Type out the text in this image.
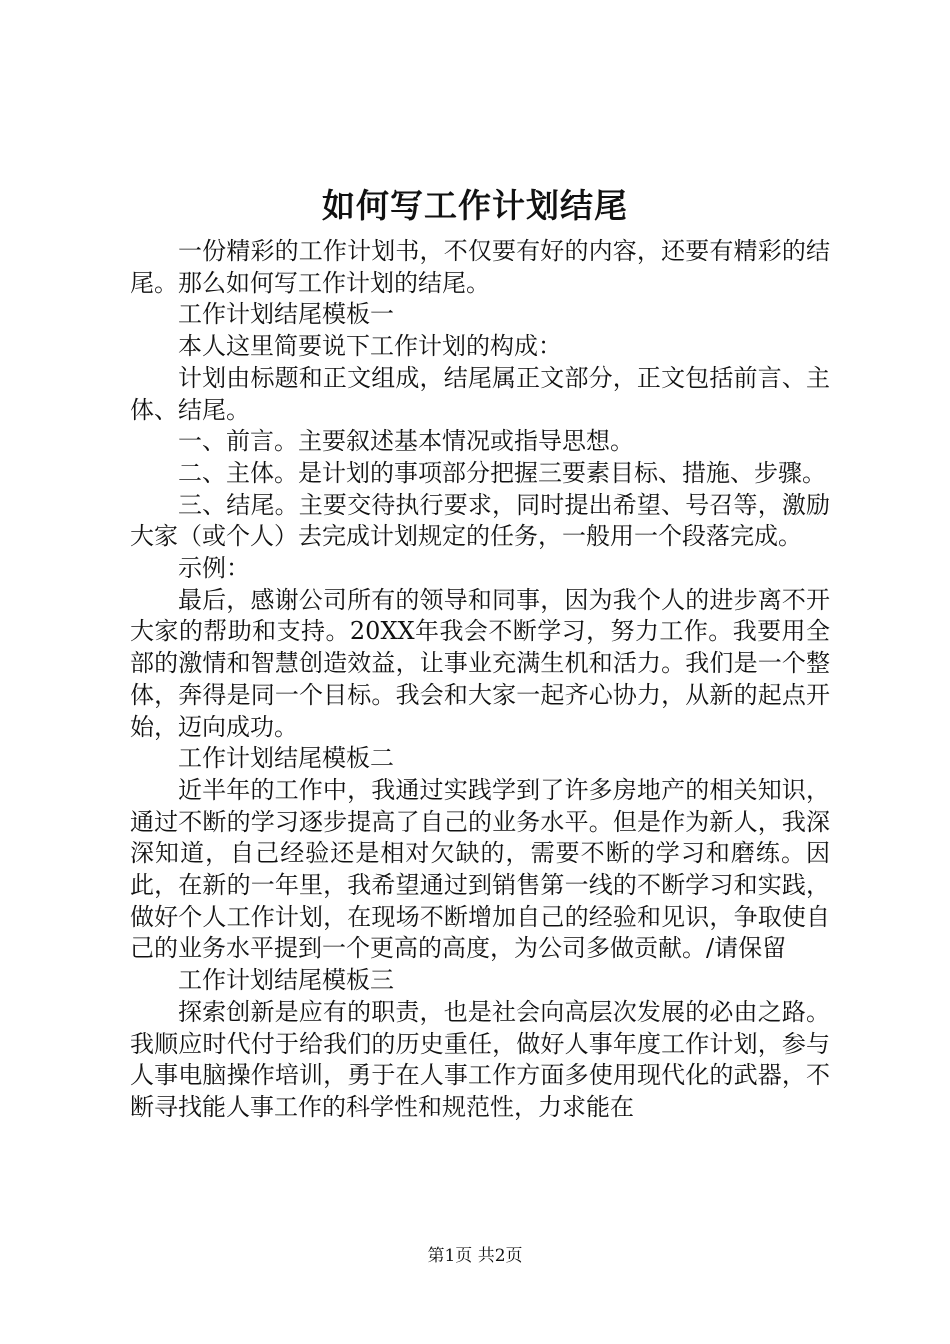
如何写工作计划结尾

一份精彩的工作计划书，不仅要有好的内容，还要有精彩的结尾。那么如何写工作计划的结尾。

工作计划结尾模板一

本人这里简要说下工作计划的构成：

计划由标题和正文组成，结尾属正文部分，正文包括前言、主体、结尾。

一、前言。主要叙述基本情况或指导思想。

二、主体。是计划的事项部分把握三要素目标、措施、步骤。

三、结尾。主要交待执行要求，同时提出希望、号召等，激励大家（或个人）去完成计划规定的任务，一般用一个段落完成。

示例：

最后，感谢公司所有的领导和同事，因为我个人的进步离不开大家的帮助和支持。20XX年我会不断学习，努力工作。我要用全部的激情和智慧创造效益，让事业充满生机和活力。我们是一个整体，奔得是同一个目标。我会和大家一起齐心协力，从新的起点开始，迈向成功。

工作计划结尾模板二

近半年的工作中，我通过实践学到了许多房地产的相关知识，通过不断的学习逐步提高了自己的业务水平。但是作为新人，我深深知道，自己经验还是相对欠缺的，需要不断的学习和磨练。因此，在新的一年里，我希望通过到销售第一线的不断学习和实践，做好个人工作计划，在现场不断增加自己的经验和见识，争取使自己的业务水平提到一个更高的高度，为公司多做贡献。/请保留

工作计划结尾模板三

探索创新是应有的职责，也是社会向高层次发展的必由之路。我顺应时代付于给我们的历史重任，做好人事年度工作计划，参与人事电脑操作培训，勇于在人事工作方面多使用现代化的武器，不断寻找能人事工作的科学性和规范性，力求能在

第1页 共2页
